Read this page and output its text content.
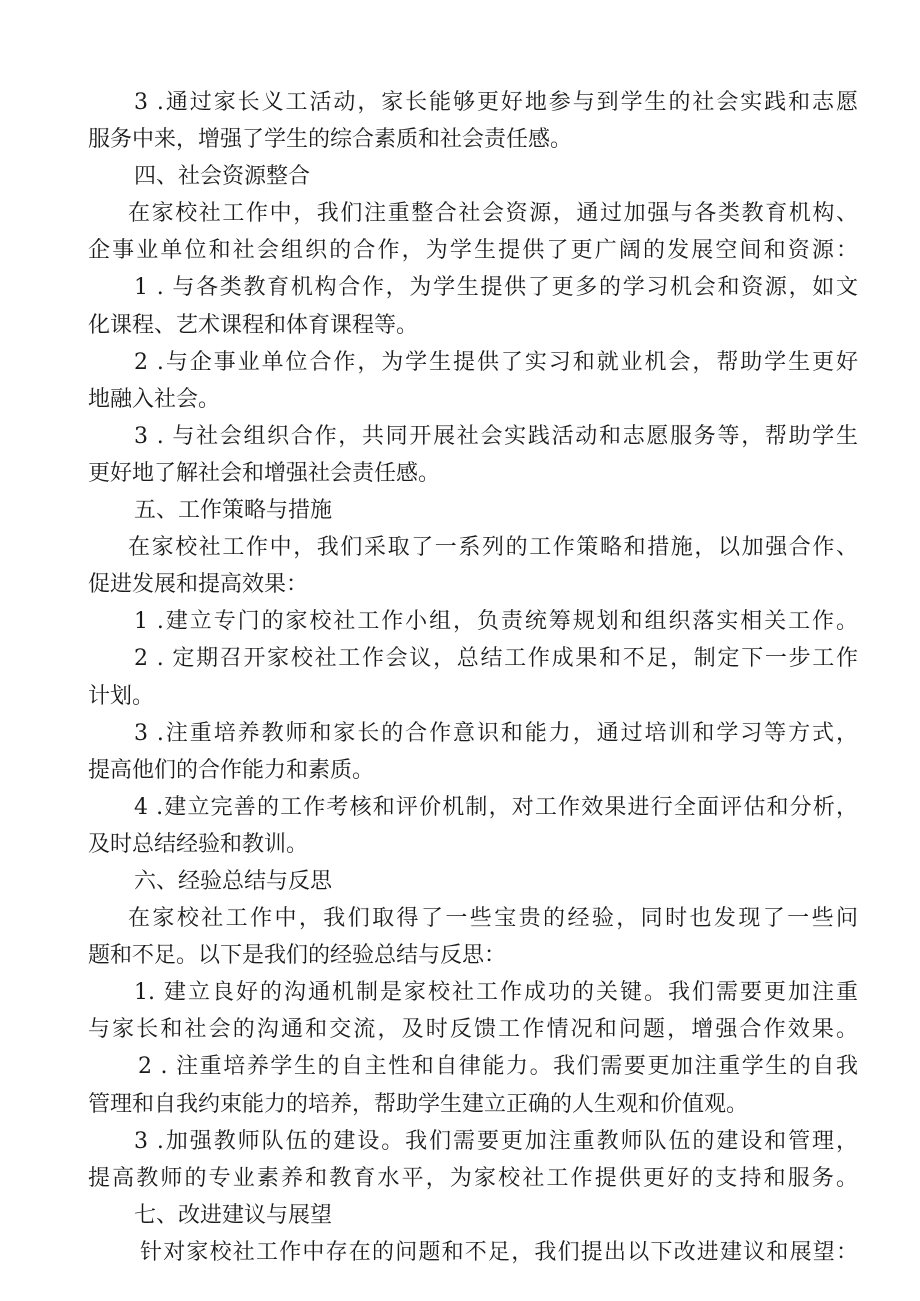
3 .通过家长义工活动，家长能够更好地参与到学生的社会实践和志愿
服务中来，增强了学生的综合素质和社会责任感。
四、社会资源整合
在家校社工作中，我们注重整合社会资源，通过加强与各类教育机构、
企事业单位和社会组织的合作，为学生提供了更广阔的发展空间和资源：
1 . 与各类教育机构合作，为学生提供了更多的学习机会和资源，如文
化课程、艺术课程和体育课程等。
2 .与企事业单位合作，为学生提供了实习和就业机会，帮助学生更好
地融入社会。
3 . 与社会组织合作，共同开展社会实践活动和志愿服务等，帮助学生
更好地了解社会和增强社会责任感。
五、工作策略与措施
在家校社工作中，我们采取了一系列的工作策略和措施，以加强合作、
促进发展和提高效果：
1 .建立专门的家校社工作小组，负责统筹规划和组织落实相关工作。
2 . 定期召开家校社工作会议，总结工作成果和不足，制定下一步工作
计划。
3 .注重培养教师和家长的合作意识和能力，通过培训和学习等方式，
提高他们的合作能力和素质。
4 .建立完善的工作考核和评价机制，对工作效果进行全面评估和分析，
及时总结经验和教训。
六、经验总结与反思
在家校社工作中，我们取得了一些宝贵的经验，同时也发现了一些问
题和不足。以下是我们的经验总结与反思：
1. 建立良好的沟通机制是家校社工作成功的关键。我们需要更加注重
与家长和社会的沟通和交流，及时反馈工作情况和问题，增强合作效果。
2 . 注重培养学生的自主性和自律能力。我们需要更加注重学生的自我
管理和自我约束能力的培养，帮助学生建立正确的人生观和价值观。
3 .加强教师队伍的建设。我们需要更加注重教师队伍的建设和管理，
提高教师的专业素养和教育水平，为家校社工作提供更好的支持和服务。
七、改进建议与展望
针对家校社工作中存在的问题和不足，我们提出以下改进建议和展望：
